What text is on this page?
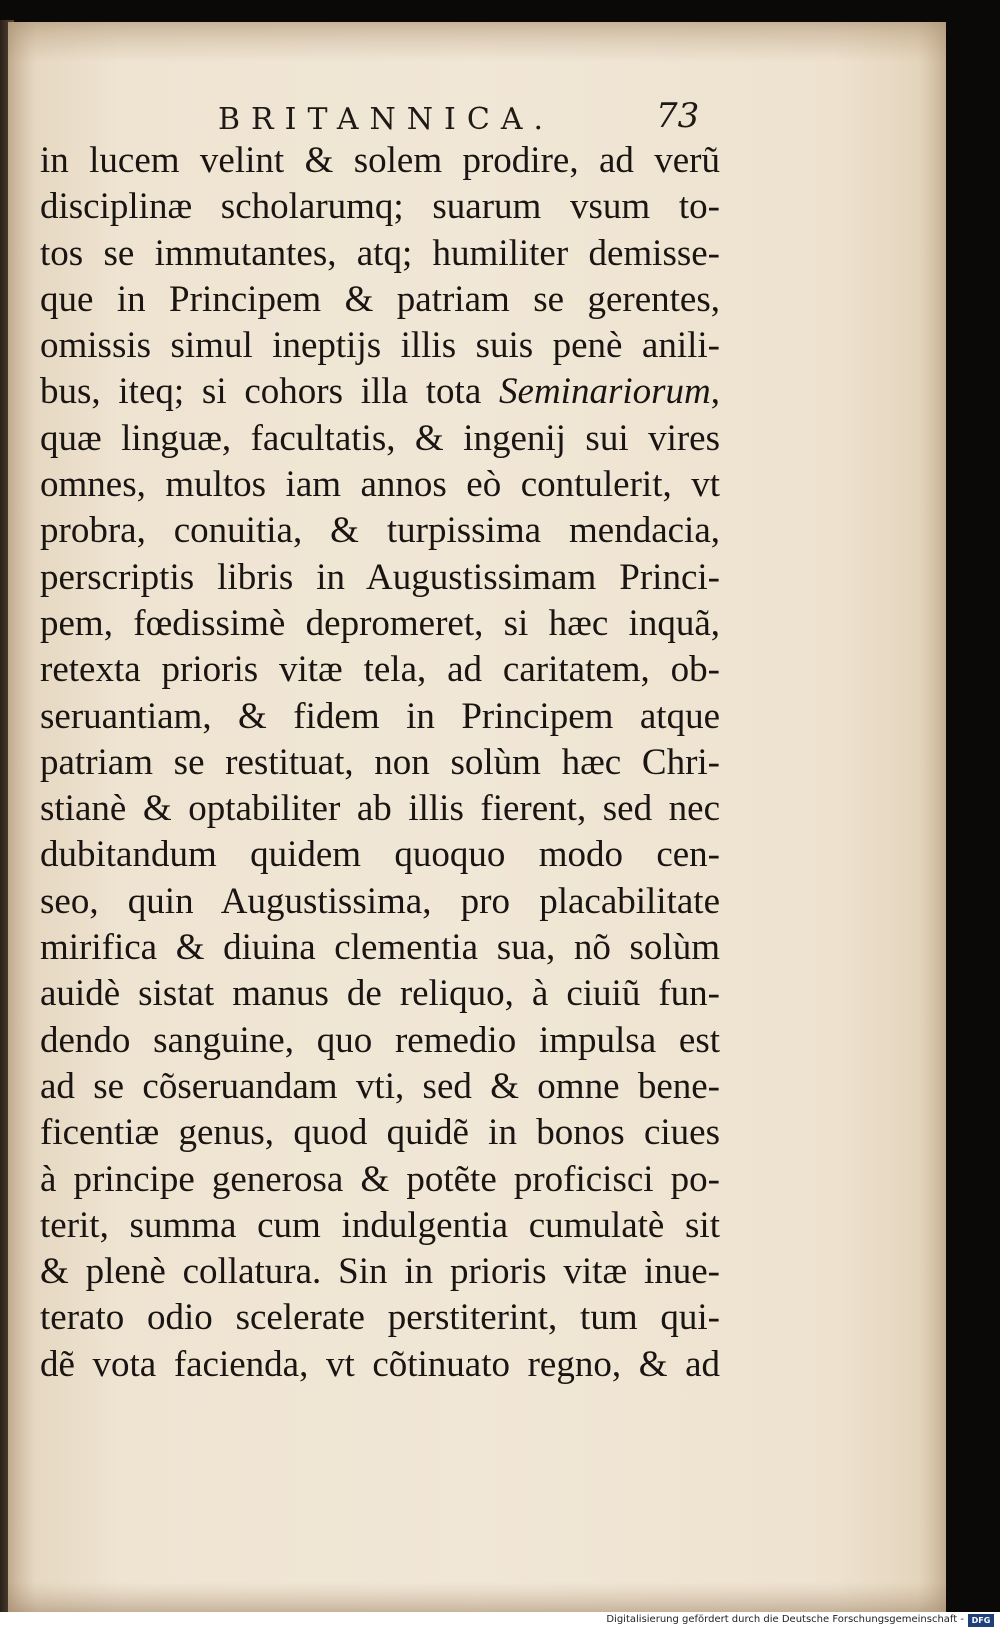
BRITANNICA.	73
in lucem velint & solem prodire, ad verũ
disciplinæ scholarumq; suarum vsum to-
tos se immutantes, atq; humiliter demisse-
que in Principem & patriam se gerentes,
omissis simul ineptijs illis suis penè anili-
bus, iteq; si cohors illa tota Seminariorum,
quæ linguæ, facultatis, & ingenij sui vires
omnes, multos iam annos eò contulerit, vt
probra, conuitia, & turpissima mendacia,
perscriptis libris in Augustissimam Princi-
pem, fœdissimè depromeret, si hæc inquã,
retexta prioris vitæ tela, ad caritatem, ob-
seruantiam, & fidem in Principem atque
patriam se restituat, non solùm hæc Chri-
stianè & optabiliter ab illis fierent, sed nec
dubitandum quidem quoquo modo cen-
seo, quin Augustissima, pro placabilitate
mirifica & diuina clementia sua, nõ solùm
auidè sistat manus de reliquo, à ciuiũ fun-
dendo sanguine, quo remedio impulsa est
ad se cõseruandam vti, sed & omne bene-
ficentiæ genus, quod quidẽ in bonos ciues
à principe generosa & potẽte proficisci po-
terit, summa cum indulgentia cumulatè sit
& plenè collatura. Sin in prioris vitæ inue-
terato odio scelerate perstiterint, tum qui-
dẽ vota facienda, vt cõtinuato regno, & ad
Digitalisierung gefördert durch die Deutsche Forschungsgemeinschaft - DFG
